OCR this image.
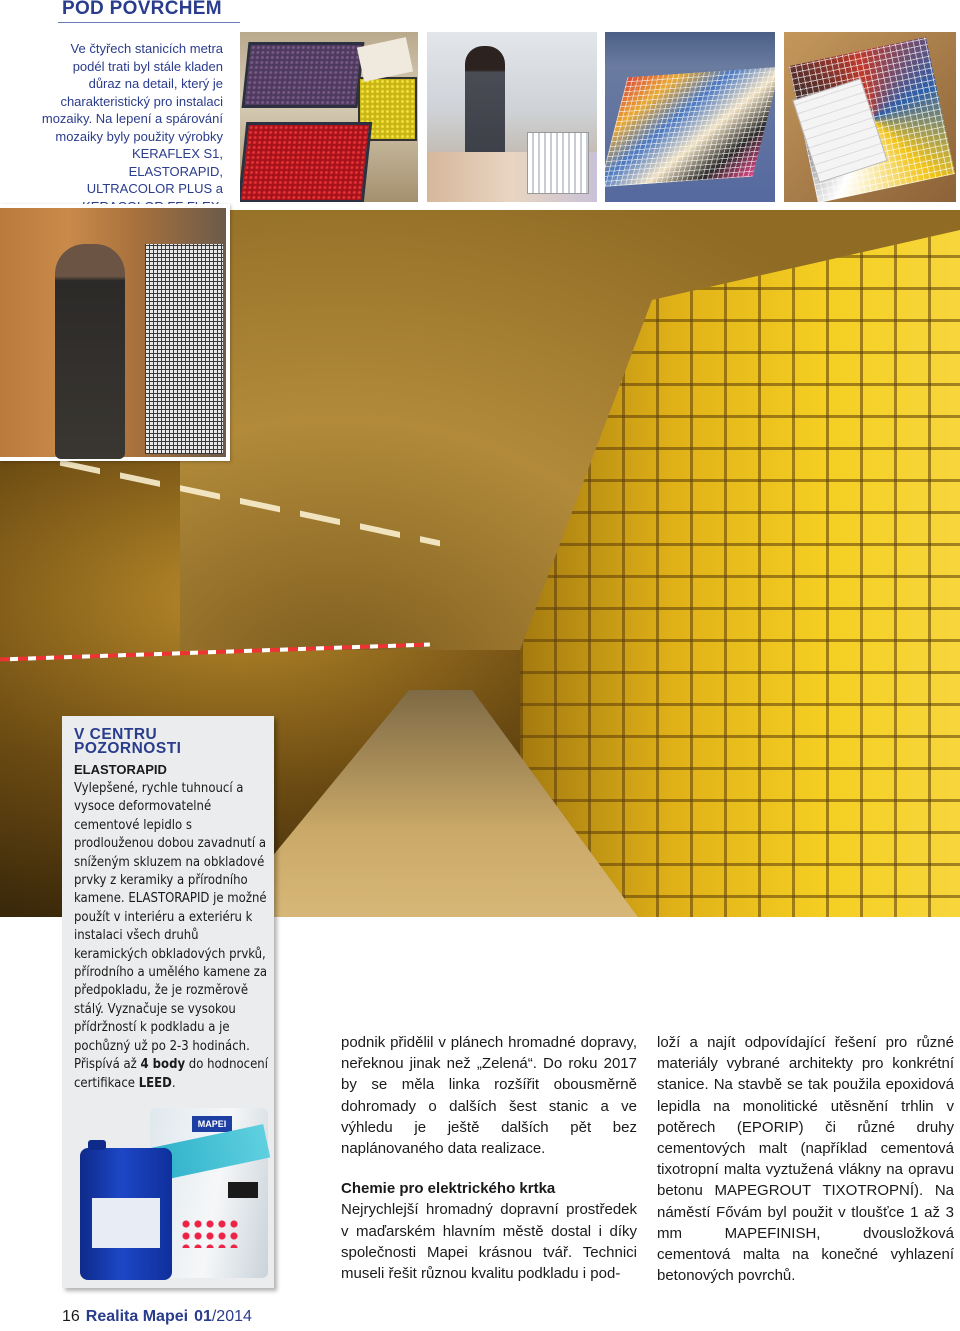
POD POVRCHEM
Ve čtyřech stanicích metra podél trati byl stále kladen důraz na detail, který je charakteristický pro instalaci mozaiky. Na lepení a spárování mozaiky byly použity výrobky KERAFLEX S1, ELASTORAPID, ULTRACOLOR PLUS a
V CENTRU POZORNOSTI
ELASTORAPID
Vylepšené, rychle tuhnoucí a vysoce deformovatelné cementové lepidlo s prodlouženou dobou zavadnutí a sníženým skluzem na obkladové prvky z keramiky a přírodního kamene. ELASTORAPID je možné použít v interiéru a exteriéru k instalaci všech druhů keramických obkladových prvků, přírodního a umělého kamene za předpokladu, že je rozměrově stálý. Vyznačuje se vysokou přídržností k podkladu a je pochůzný už po 2-3 hodinách. Přispívá až 4 body do hodnocení certifikace LEED.
MAPEI
podnik přidělil v plánech hromadné dopravy, neřeknou jinak než „Zelená“. Do roku 2017 by se měla linka rozšířit obousměrně dohromady o dalších šest stanic a ve výhledu je ještě dalších pět bez naplánovaného data realizace.
Chemie pro elektrického krtka
Nejrychlejší hromadný dopravní prostředek v maďarském hlavním městě dostal i díky společnosti Mapei krásnou tvář. Technici museli řešit různou kvalitu podkladu i pod-
loží a najít odpovídající řešení pro různé materiály vybrané architekty pro konkrétní stanice. Na stavbě se tak použila epoxidová lepidla na monolitické utěsnění trhlin v potěrech (EPORIP) či různé druhy cementových malt (například cementová tixotropní malta vyztužená vlákny na opravu betonu MAPEGROUT TIXOTROPNÍ). Na náměstí Fővám byl použit v tloušťce 1 až 3 mm MAPEFINISH, dvousložková cementová malta na konečné vyhlazení betonových povrchů.
16 Realita Mapei 01/2014
